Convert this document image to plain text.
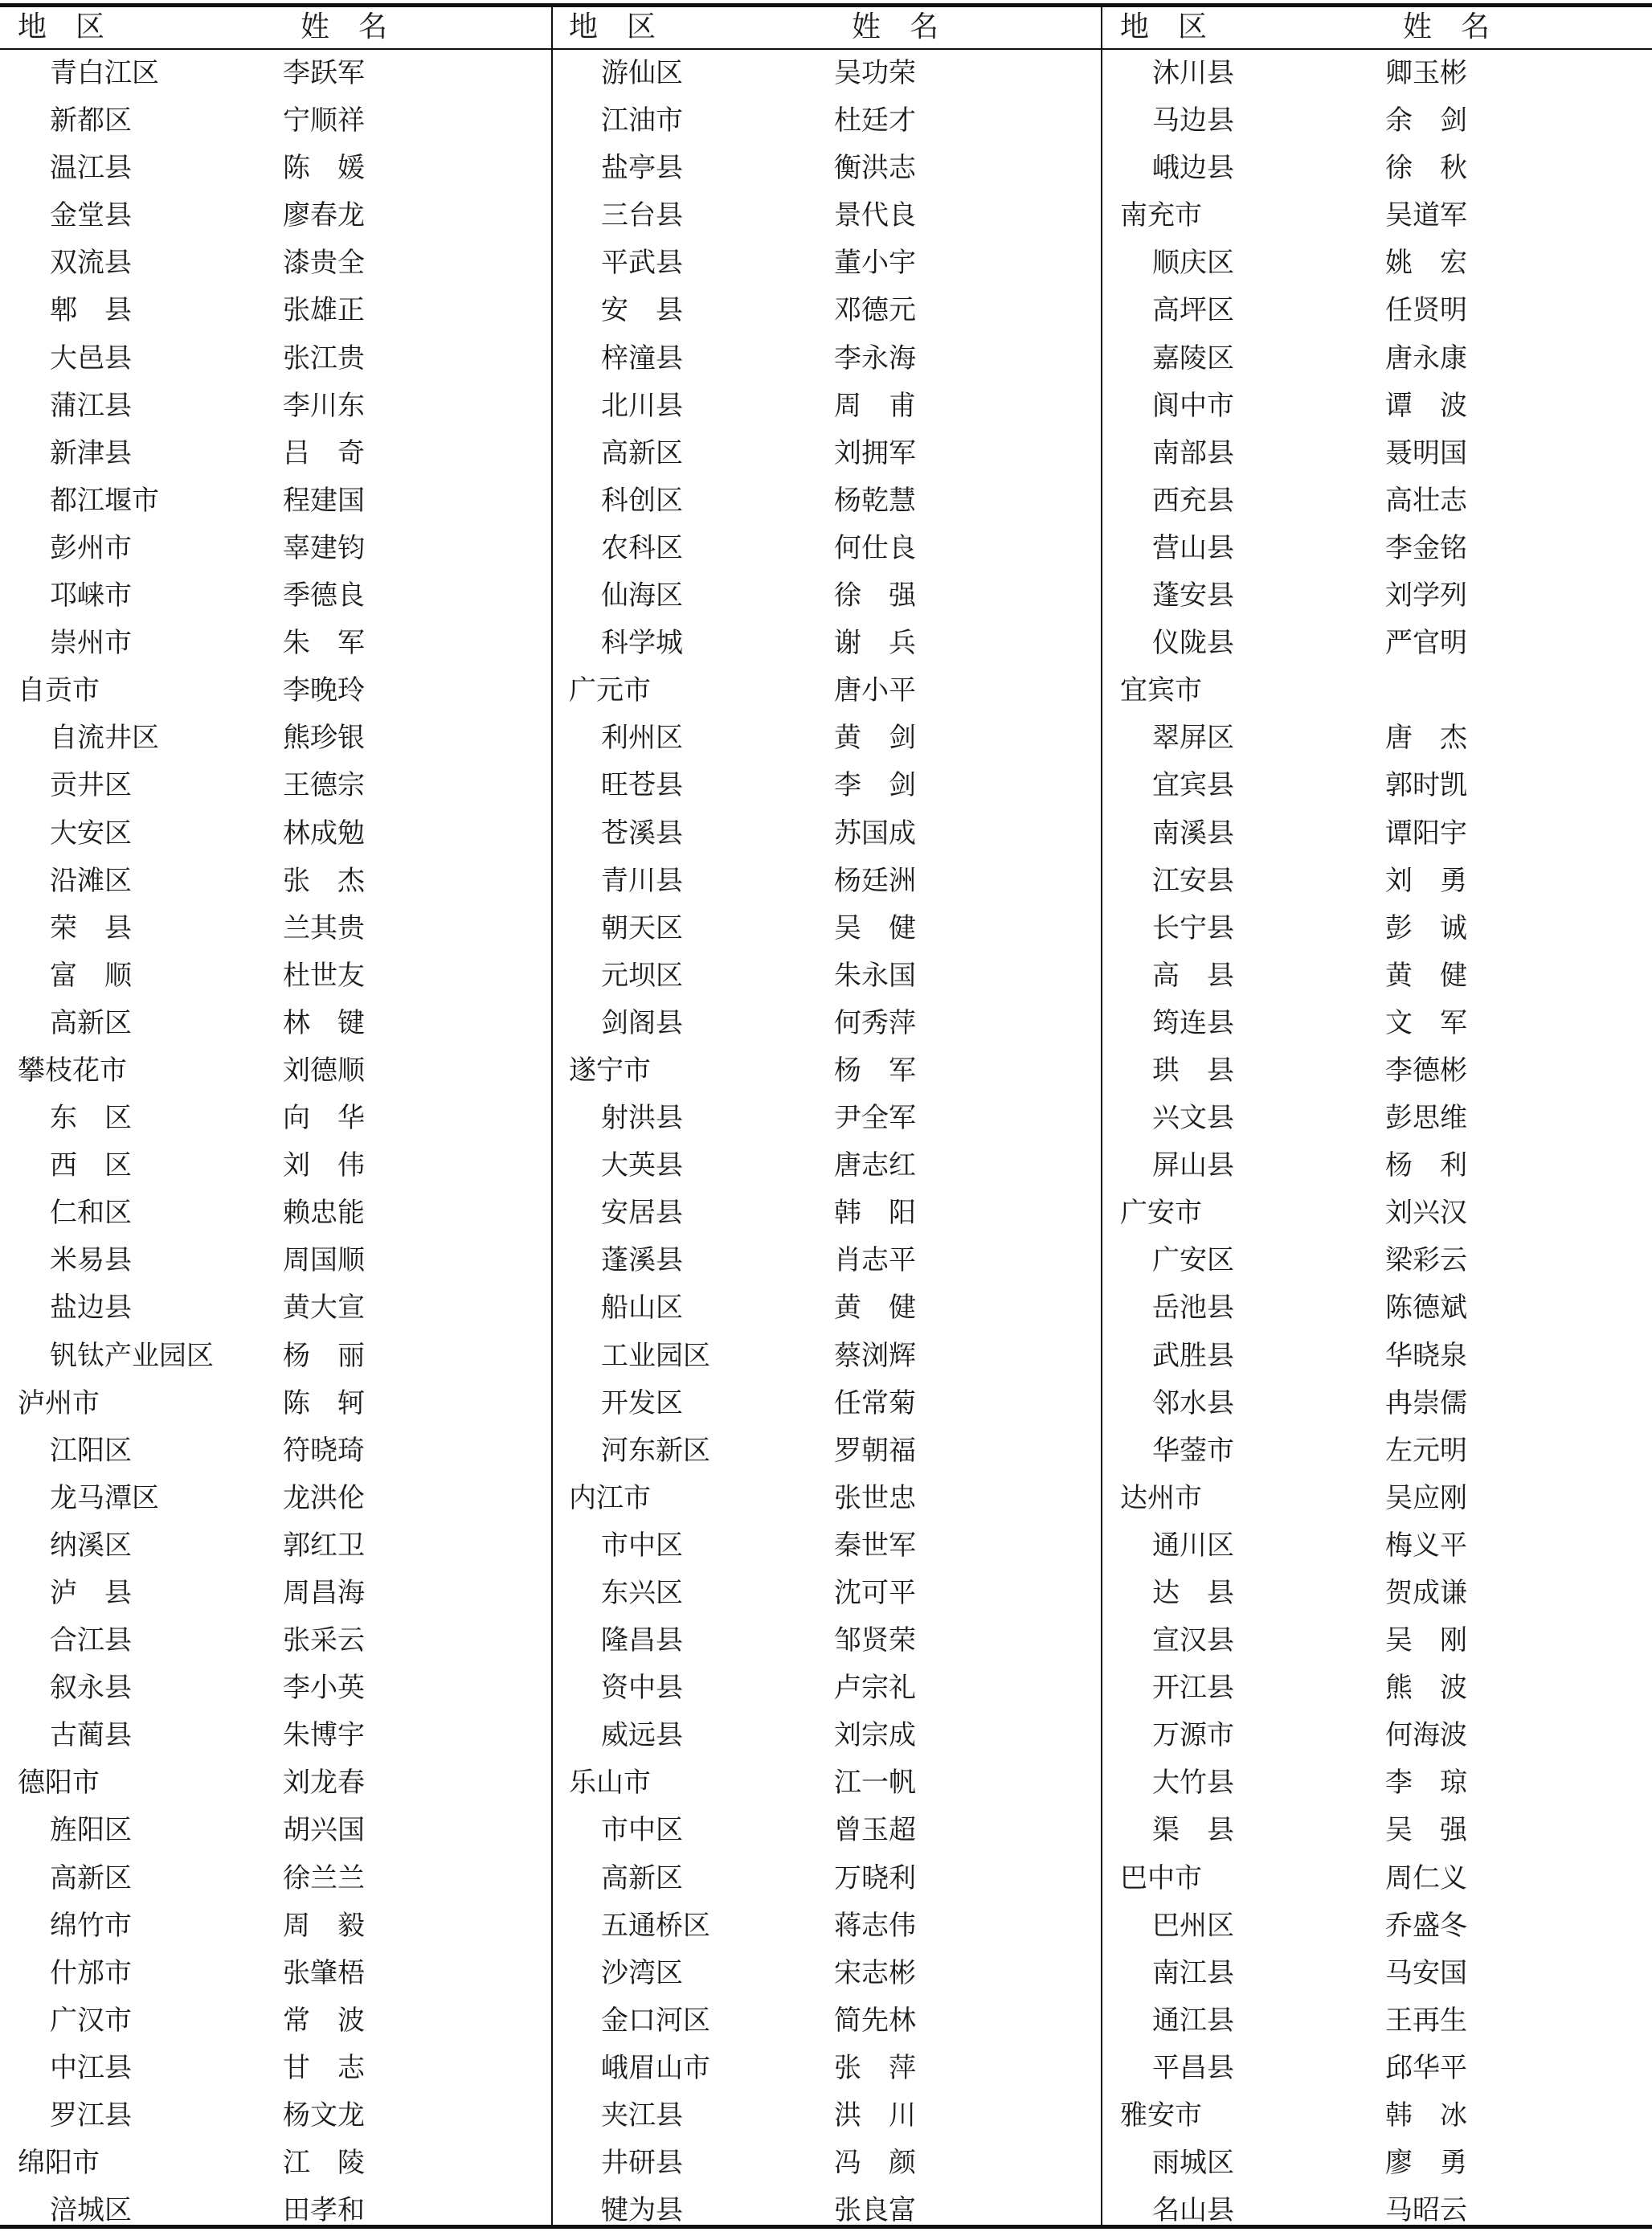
地　区	姓　名
青白江区	李跃军
新都区	宁顺祥
温江县	陈　媛
金堂县	廖春龙
双流县	漆贵全
郫　县	张雄正
大邑县	张江贵
蒲江县	李川东
新津县	吕　奇
都江堰市	程建国
彭州市	辜建钧
邛崃市	季德良
崇州市	朱　军
自贡市	李晚玲
自流井区	熊珍银
贡井区	王德宗
大安区	林成勉
沿滩区	张　杰
荣　县	兰其贵
富　顺	杜世友
高新区	林　键
攀枝花市	刘德顺
东　区	向　华
西　区	刘　伟
仁和区	赖忠能
米易县	周国顺
盐边县	黄大宣
钒钛产业园区	杨　丽
泸州市	陈　轲
江阳区	符晓琦
龙马潭区	龙洪伦
纳溪区	郭红卫
泸　县	周昌海
合江县	张采云
叙永县	李小英
古蔺县	朱博宇
德阳市	刘龙春
旌阳区	胡兴国
高新区	徐兰兰
绵竹市	周　毅
什邡市	张肇梧
广汉市	常　波
中江县	甘　志
罗江县	杨文龙
绵阳市	江　陵
涪城区	田孝和
地　区	姓　名
游仙区	吴功荣
江油市	杜廷才
盐亭县	衡洪志
三台县	景代良
平武县	董小宇
安　县	邓德元
梓潼县	李永海
北川县	周　甫
高新区	刘拥军
科创区	杨乾慧
农科区	何仕良
仙海区	徐　强
科学城	谢　兵
广元市	唐小平
利州区	黄　剑
旺苍县	李　剑
苍溪县	苏国成
青川县	杨廷洲
朝天区	吴　健
元坝区	朱永国
剑阁县	何秀萍
遂宁市	杨　军
射洪县	尹全军
大英县	唐志红
安居县	韩　阳
蓬溪县	肖志平
船山区	黄　健
工业园区	蔡浏辉
开发区	任常菊
河东新区	罗朝福
内江市	张世忠
市中区	秦世军
东兴区	沈可平
隆昌县	邹贤荣
资中县	卢宗礼
威远县	刘宗成
乐山市	江一帆
市中区	曾玉超
高新区	万晓利
五通桥区	蒋志伟
沙湾区	宋志彬
金口河区	简先林
峨眉山市	张　萍
夹江县	洪　川
井研县	冯　颜
犍为县	张良富
地　区	姓　名
沐川县	卿玉彬
马边县	余　剑
峨边县	徐　秋
南充市	吴道军
顺庆区	姚　宏
高坪区	任贤明
嘉陵区	唐永康
阆中市	谭　波
南部县	聂明国
西充县	高壮志
营山县	李金铭
蓬安县	刘学列
仪陇县	严官明
宜宾市
翠屏区	唐　杰
宜宾县	郭时凯
南溪县	谭阳宇
江安县	刘　勇
长宁县	彭　诚
高　县	黄　健
筠连县	文　军
珙　县	李德彬
兴文县	彭思维
屏山县	杨　利
广安市	刘兴汉
广安区	梁彩云
岳池县	陈德斌
武胜县	华晓泉
邻水县	冉崇儒
华蓥市	左元明
达州市	吴应刚
通川区	梅义平
达　县	贺成谦
宣汉县	吴　刚
开江县	熊　波
万源市	何海波
大竹县	李　琼
渠　县	吴　强
巴中市	周仁义
巴州区	乔盛冬
南江县	马安国
通江县	王再生
平昌县	邱华平
雅安市	韩　冰
雨城区	廖　勇
名山县	马昭云
